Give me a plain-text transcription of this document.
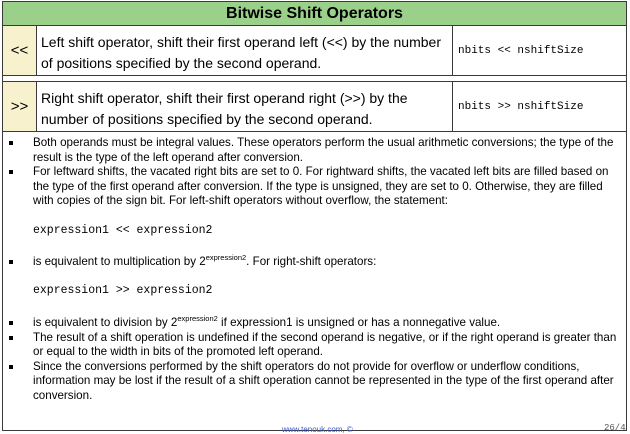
Bitwise Shift Operators
<< Left shift operator, shift their first operand left (<<) by the number of positions specified by the second operand.
nbits << nshiftSize
>> Right shift operator, shift their first operand right (>>) by the number of positions specified by the second operand.
nbits >> nshiftSize
Both operands must be integral values. These operators perform the usual arithmetic conversions; the type of the result is the type of the left operand after conversion.
For leftward shifts, the vacated right bits are set to 0. For rightward shifts, the vacated left bits are filled based on the type of the first operand after conversion. If the type is unsigned, they are set to 0. Otherwise, they are filled with copies of the sign bit. For left-shift operators without overflow, the statement:
expression1 << expression2
is equivalent to multiplication by $2^{expression2}$. For right-shift operators:
expression1 >> expression2
is equivalent to division by $2^{expression2}$ if expression1 is unsigned or has a nonnegative value.
The result of a shift operation is undefined if the second operand is negative, or if the right operand is greater than or equal to the width in bits of the promoted left operand.
Since the conversions performed by the shift operators do not provide for overflow or underflow conditions, information may be lost if the result of a shift operation cannot be represented in the type of the first operand after conversion.
www.tenouk.com, ©	26/4
